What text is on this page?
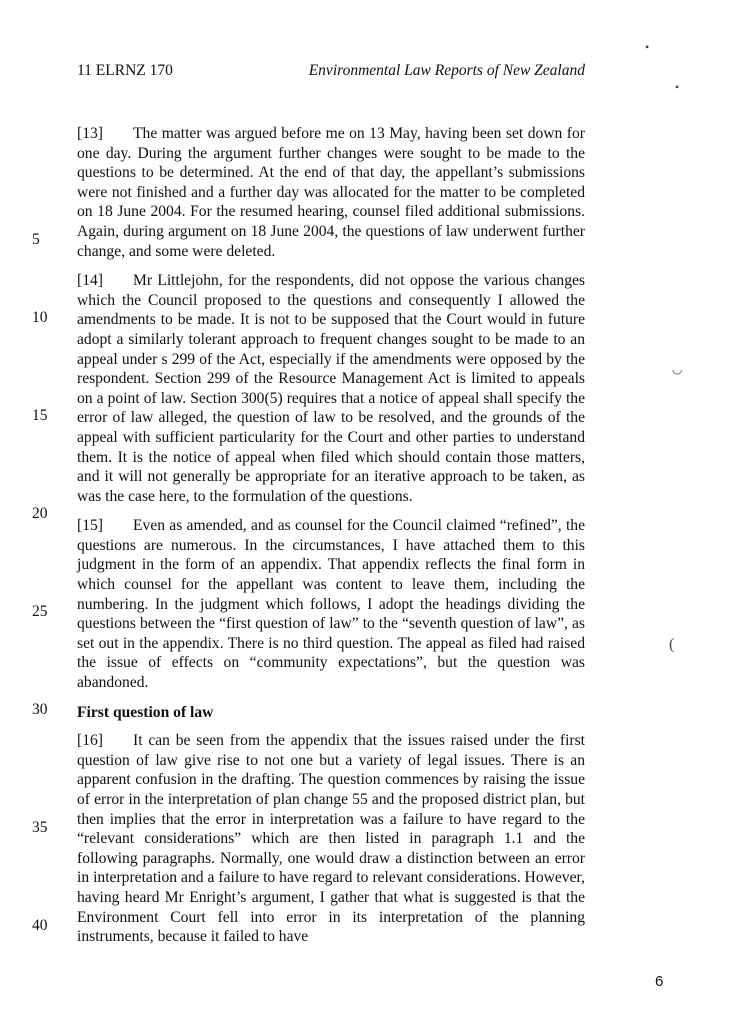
11 ELRNZ 170	Environmental Law Reports of New Zealand
5
10
15
20
25
30
35
40

[13] The matter was argued before me on 13 May, having been set down for one day. During the argument further changes were sought to be made to the questions to be determined. At the end of that day, the appellant’s submissions were not finished and a further day was allocated for the matter to be completed on 18 June 2004. For the resumed hearing, counsel filed additional submissions. Again, during argument on 18 June 2004, the questions of law underwent further change, and some were deleted.

[14] Mr Littlejohn, for the respondents, did not oppose the various changes which the Council proposed to the questions and consequently I allowed the amendments to be made. It is not to be supposed that the Court would in future adopt a similarly tolerant approach to frequent changes sought to be made to an appeal under s 299 of the Act, especially if the amendments were opposed by the respondent. Section 299 of the Resource Management Act is limited to appeals on a point of law. Section 300(5) requires that a notice of appeal shall specify the error of law alleged, the question of law to be resolved, and the grounds of the appeal with sufficient particularity for the Court and other parties to understand them. It is the notice of appeal when filed which should contain those matters, and it will not generally be appropriate for an iterative approach to be taken, as was the case here, to the formulation of the questions.

[15] Even as amended, and as counsel for the Council claimed “refined”, the questions are numerous. In the circumstances, I have attached them to this judgment in the form of an appendix. That appendix reflects the final form in which counsel for the appellant was content to leave them, including the numbering. In the judgment which follows, I adopt the headings dividing the questions between the “first question of law” to the “seventh question of law”, as set out in the appendix. There is no third question. The appeal as filed had raised the issue of effects on “community expectations”, but the question was abandoned.

First question of law

[16] It can be seen from the appendix that the issues raised under the first question of law give rise to not one but a variety of legal issues. There is an apparent confusion in the drafting. The question commences by raising the issue of error in the interpretation of plan change 55 and the proposed district plan, but then implies that the error in interpretation was a failure to have regard to the “relevant considerations” which are then listed in paragraph 1.1 and the following paragraphs. Normally, one would draw a distinction between an error in interpretation and a failure to have regard to relevant considerations. However, having heard Mr Enright’s argument, I gather that what is suggested is that the Environment Court fell into error in its interpretation of the planning instruments, because it failed to have

•
•
◡
(
6
